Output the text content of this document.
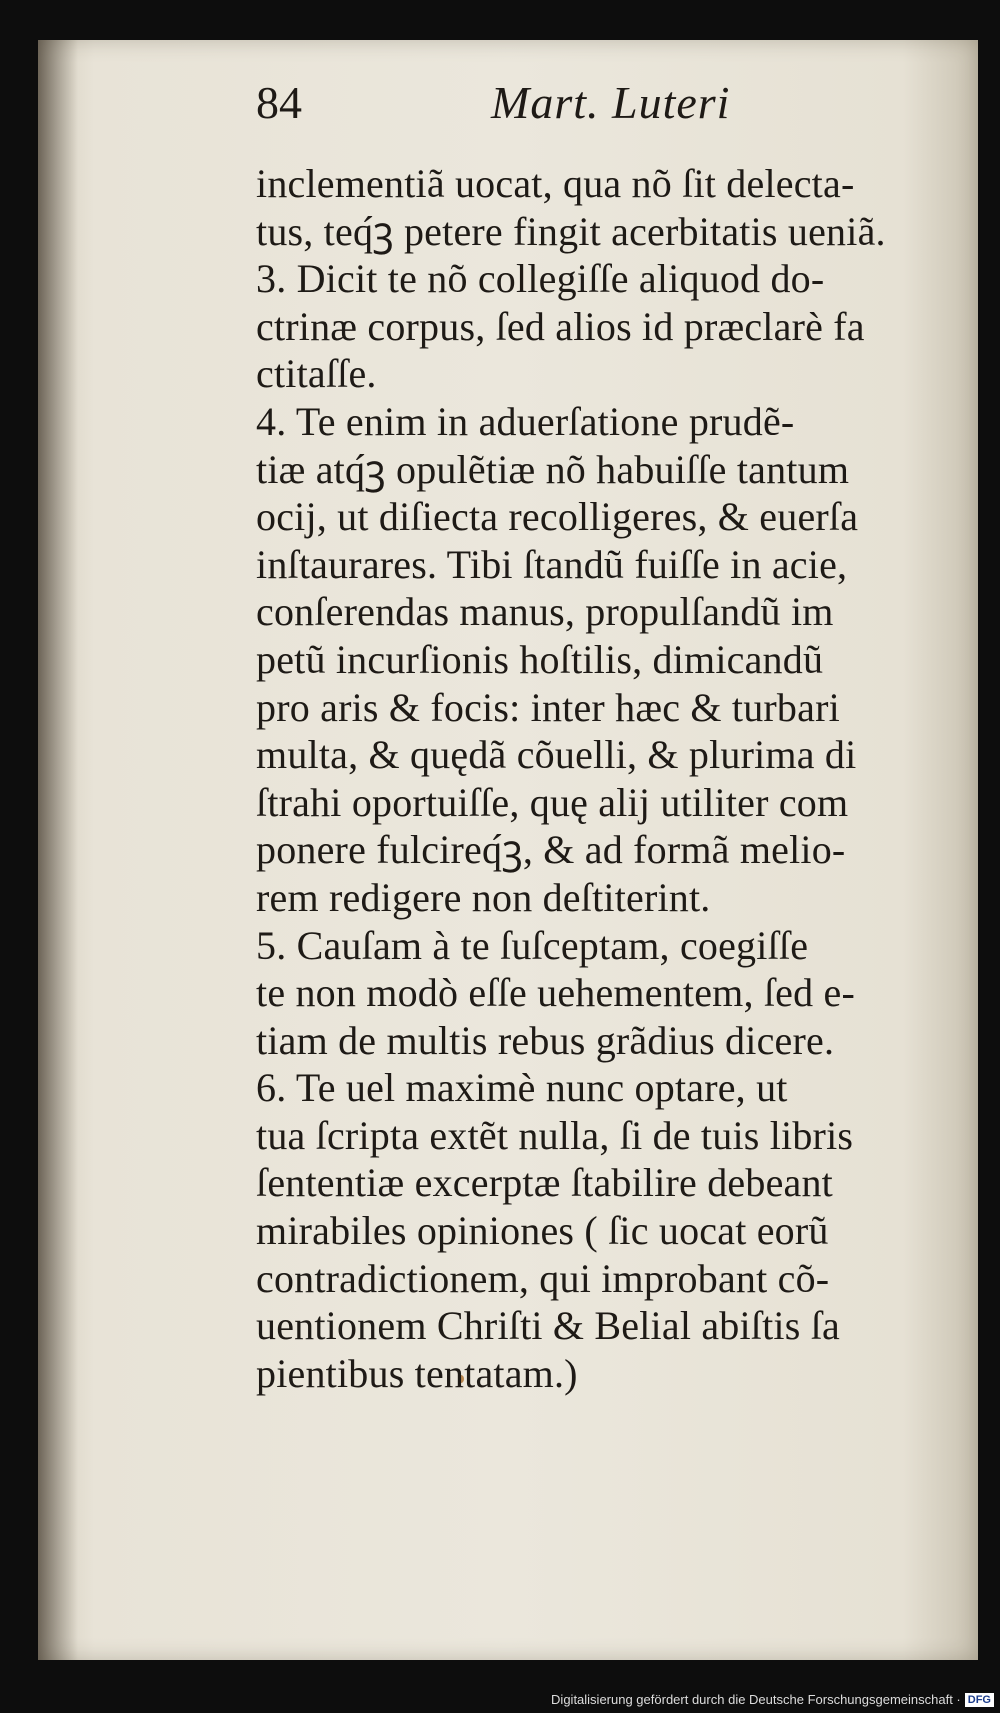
84	Mart. Luteri
inclementiã uocat, qua nõ ſit delecta-
tus, teq́ꝫ petere fingit acerbitatis ueniã.
3. Dicit te nõ collegiſſe aliquod do-
ctrinæ corpus, ſed alios id præclarè fa
ctitaſſe.
4. Te enim in aduerſatione prudẽ-
tiæ atq́ꝫ opulẽtiæ nõ habuiſſe tantum
ocij, ut diſiecta recolligeres, & euerſa
inſtaurares. Tibi ſtandũ fuiſſe in acie,
conſerendas manus, propulſandũ im
petũ incurſionis hoſtilis, dimicandũ
pro aris & focis: inter hæc & turbari
multa, & quędã cõuelli, & plurima di
ſtrahi oportuiſſe, quę alij utiliter com
ponere fulcireq́ꝫ, & ad formã melio-
rem redigere non deſtiterint.
5. Cauſam à te ſuſceptam, coegiſſe
te non modò eſſe uehementem, ſed e-
tiam de multis rebus grãdius dicere.
6. Te uel maximè nunc optare, ut
tua ſcripta extẽt nulla, ſi de tuis libris
ſententiæ excerptæ ſtabilire debeant
mirabiles opiniones ( ſic uocat eorũ
contradictionem, qui improbant cõ-
uentionem Chriſti & Belial abiſtis ſa
pientibus tentatam.)
Digitalisierung gefördert durch die Deutsche Forschungsgemeinschaft · DFG
